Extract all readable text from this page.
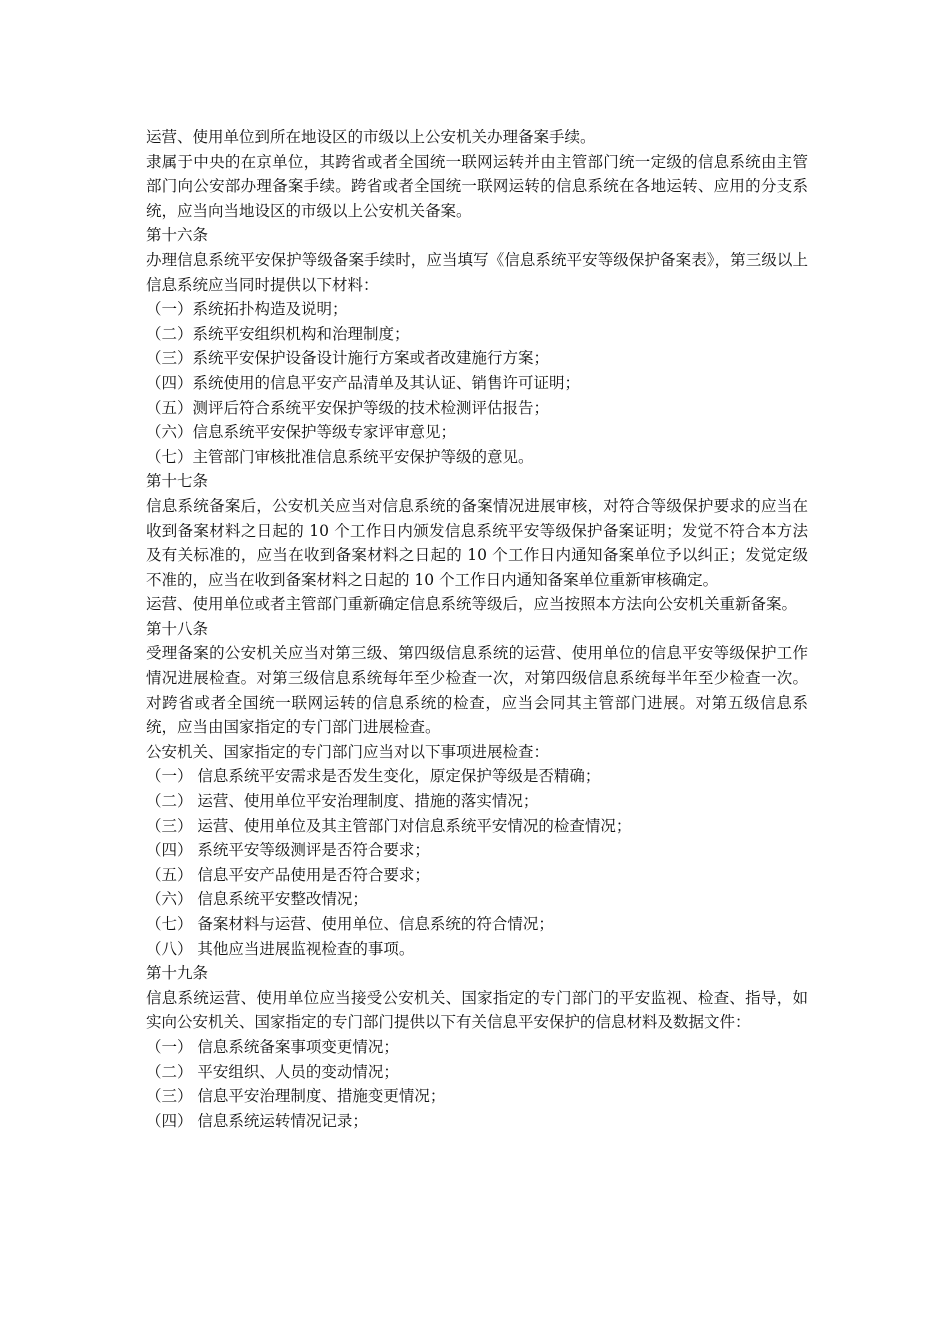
运营、使用单位到所在地设区的市级以上公安机关办理备案手续。

隶属于中央的在京单位，其跨省或者全国统一联网运转并由主管部门统一定级的信息系统由主管部门向公安部办理备案手续。跨省或者全国统一联网运转的信息系统在各地运转、应用的分支系统，应当向当地设区的市级以上公安机关备案。

第十六条

办理信息系统平安保护等级备案手续时，应当填写《信息系统平安等级保护备案表》，第三级以上信息系统应当同时提供以下材料：

（一）系统拓扑构造及说明；

（二）系统平安组织机构和治理制度；

（三）系统平安保护设备设计施行方案或者改建施行方案；

（四）系统使用的信息平安产品清单及其认证、销售许可证明；

（五）测评后符合系统平安保护等级的技术检测评估报告；

（六）信息系统平安保护等级专家评审意见；

（七）主管部门审核批准信息系统平安保护等级的意见。

第十七条

信息系统备案后，公安机关应当对信息系统的备案情况进展审核，对符合等级保护要求的应当在收到备案材料之日起的 10 个工作日内颁发信息系统平安等级保护备案证明；发觉不符合本方法及有关标准的，应当在收到备案材料之日起的 10 个工作日内通知备案单位予以纠正；发觉定级不准的，应当在收到备案材料之日起的 10 个工作日内通知备案单位重新审核确定。

运营、使用单位或者主管部门重新确定信息系统等级后，应当按照本方法向公安机关重新备案。

第十八条

受理备案的公安机关应当对第三级、第四级信息系统的运营、使用单位的信息平安等级保护工作情况进展检查。对第三级信息系统每年至少检查一次，对第四级信息系统每半年至少检查一次。对跨省或者全国统一联网运转的信息系统的检查，应当会同其主管部门进展。对第五级信息系统，应当由国家指定的专门部门进展检查。

公安机关、国家指定的专门部门应当对以下事项进展检查：

（一） 信息系统平安需求是否发生变化，原定保护等级是否精确；

（二） 运营、使用单位平安治理制度、措施的落实情况；

（三） 运营、使用单位及其主管部门对信息系统平安情况的检查情况；

（四） 系统平安等级测评是否符合要求；

（五） 信息平安产品使用是否符合要求；

（六） 信息系统平安整改情况；

（七） 备案材料与运营、使用单位、信息系统的符合情况；

（八） 其他应当进展监视检查的事项。

第十九条

信息系统运营、使用单位应当接受公安机关、国家指定的专门部门的平安监视、检查、指导，如实向公安机关、国家指定的专门部门提供以下有关信息平安保护的信息材料及数据文件：

（一） 信息系统备案事项变更情况；

（二） 平安组织、人员的变动情况；

（三） 信息平安治理制度、措施变更情况；

（四） 信息系统运转情况记录；
